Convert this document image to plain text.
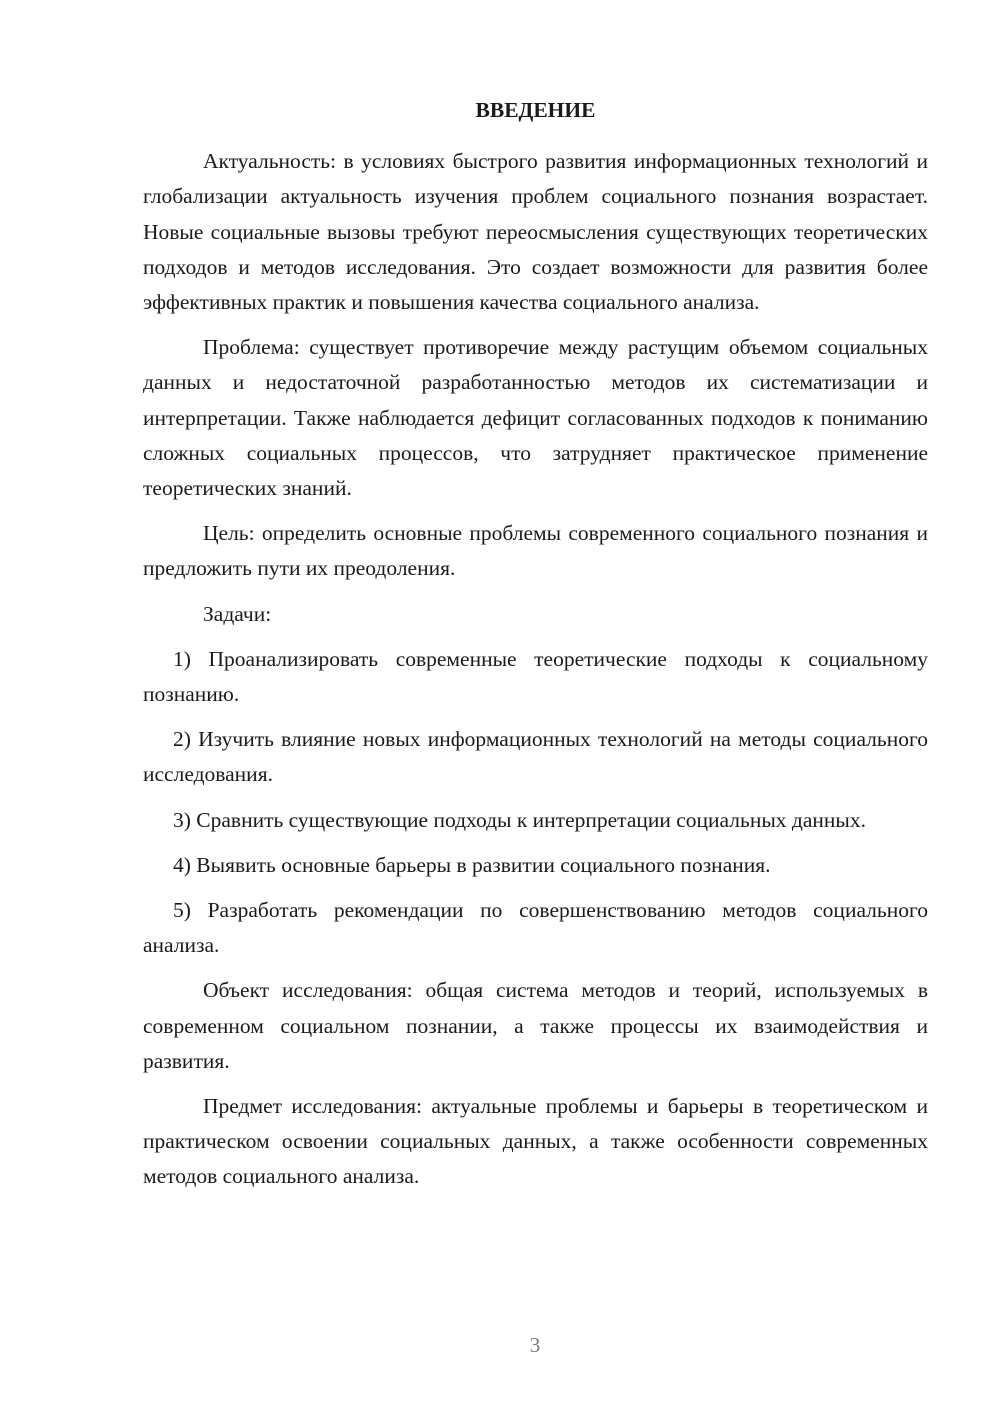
ВВЕДЕНИЕ

Актуальность: в условиях быстрого развития информационных технологий и глобализации актуальность изучения проблем социального познания возрастает. Новые социальные вызовы требуют переосмысления существующих теоретических подходов и методов исследования. Это создает возможности для развития более эффективных практик и повышения качества социального анализа.

Проблема: существует противоречие между растущим объемом социальных данных и недостаточной разработанностью методов их систематизации и интерпретации. Также наблюдается дефицит согласованных подходов к пониманию сложных социальных процессов, что затрудняет практическое применение теоретических знаний.

Цель: определить основные проблемы современного социального познания и предложить пути их преодоления.

Задачи:

1) Проанализировать современные теоретические подходы к социальному познанию.

2) Изучить влияние новых информационных технологий на методы социального исследования.

3) Сравнить существующие подходы к интерпретации социальных данных.

4) Выявить основные барьеры в развитии социального познания.

5) Разработать рекомендации по совершенствованию методов социального анализа.

Объект исследования: общая система методов и теорий, используемых в современном социальном познании, а также процессы их взаимодействия и развития.

Предмет исследования: актуальные проблемы и барьеры в теоретическом и практическом освоении социальных данных, а также особенности современных методов социального анализа.

3
